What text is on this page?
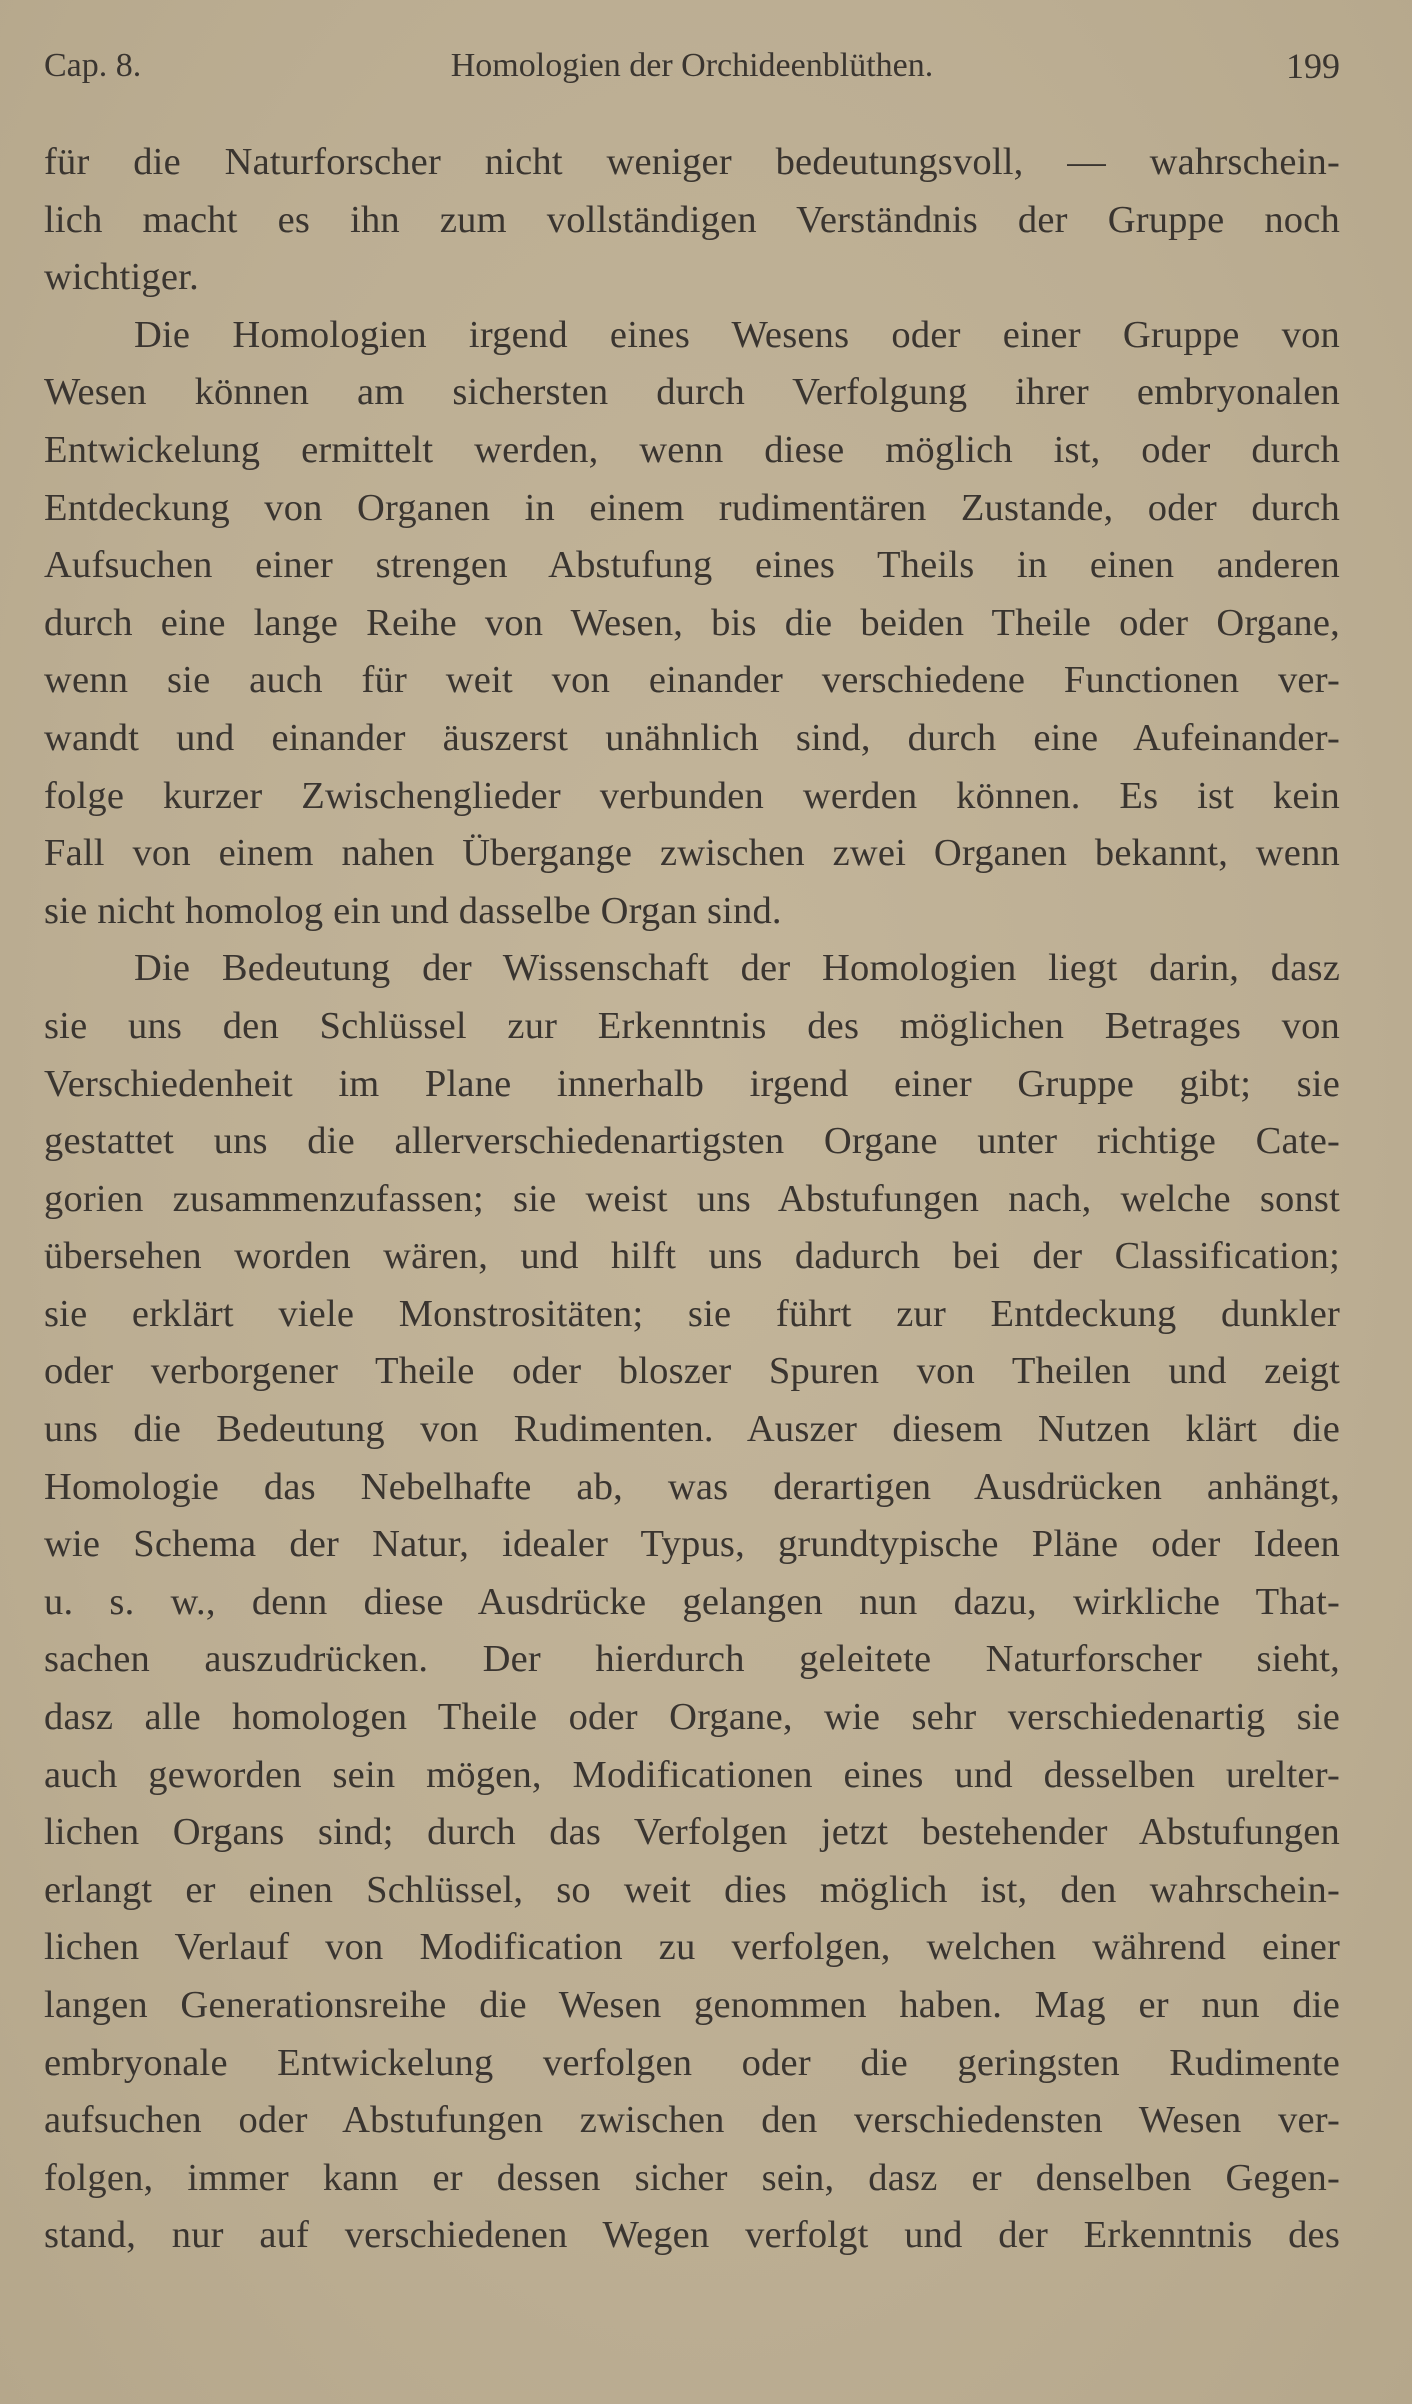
Cap. 8.	Homologien der Orchideenblüthen.	199
für die Naturforscher nicht weniger bedeutungsvoll, — wahrschein-
lich macht es ihn zum vollständigen Verständnis der Gruppe noch
wichtiger.
Die Homologien irgend eines Wesens oder einer Gruppe von
Wesen können am sichersten durch Verfolgung ihrer embryonalen
Entwickelung ermittelt werden, wenn diese möglich ist, oder durch
Entdeckung von Organen in einem rudimentären Zustande, oder durch
Aufsuchen einer strengen Abstufung eines Theils in einen anderen
durch eine lange Reihe von Wesen, bis die beiden Theile oder Organe,
wenn sie auch für weit von einander verschiedene Functionen ver-
wandt und einander äuszerst unähnlich sind, durch eine Aufeinander-
folge kurzer Zwischenglieder verbunden werden können. Es ist kein
Fall von einem nahen Übergange zwischen zwei Organen bekannt, wenn
sie nicht homolog ein und dasselbe Organ sind.
Die Bedeutung der Wissenschaft der Homologien liegt darin, dasz
sie uns den Schlüssel zur Erkenntnis des möglichen Betrages von
Verschiedenheit im Plane innerhalb irgend einer Gruppe gibt; sie
gestattet uns die allerverschiedenartigsten Organe unter richtige Cate-
gorien zusammenzufassen; sie weist uns Abstufungen nach, welche sonst
übersehen worden wären, und hilft uns dadurch bei der Classification;
sie erklärt viele Monstrositäten; sie führt zur Entdeckung dunkler
oder verborgener Theile oder bloszer Spuren von Theilen und zeigt
uns die Bedeutung von Rudimenten. Auszer diesem Nutzen klärt die
Homologie das Nebelhafte ab, was derartigen Ausdrücken anhängt,
wie Schema der Natur, idealer Typus, grundtypische Pläne oder Ideen
u. s. w., denn diese Ausdrücke gelangen nun dazu, wirkliche That-
sachen auszudrücken. Der hierdurch geleitete Naturforscher sieht,
dasz alle homologen Theile oder Organe, wie sehr verschiedenartig sie
auch geworden sein mögen, Modificationen eines und desselben urelter-
lichen Organs sind; durch das Verfolgen jetzt bestehender Abstufungen
erlangt er einen Schlüssel, so weit dies möglich ist, den wahrschein-
lichen Verlauf von Modification zu verfolgen, welchen während einer
langen Generationsreihe die Wesen genommen haben. Mag er nun die
embryonale Entwickelung verfolgen oder die geringsten Rudimente
aufsuchen oder Abstufungen zwischen den verschiedensten Wesen ver-
folgen, immer kann er dessen sicher sein, dasz er denselben Gegen-
stand, nur auf verschiedenen Wegen verfolgt und der Erkenntnis des
